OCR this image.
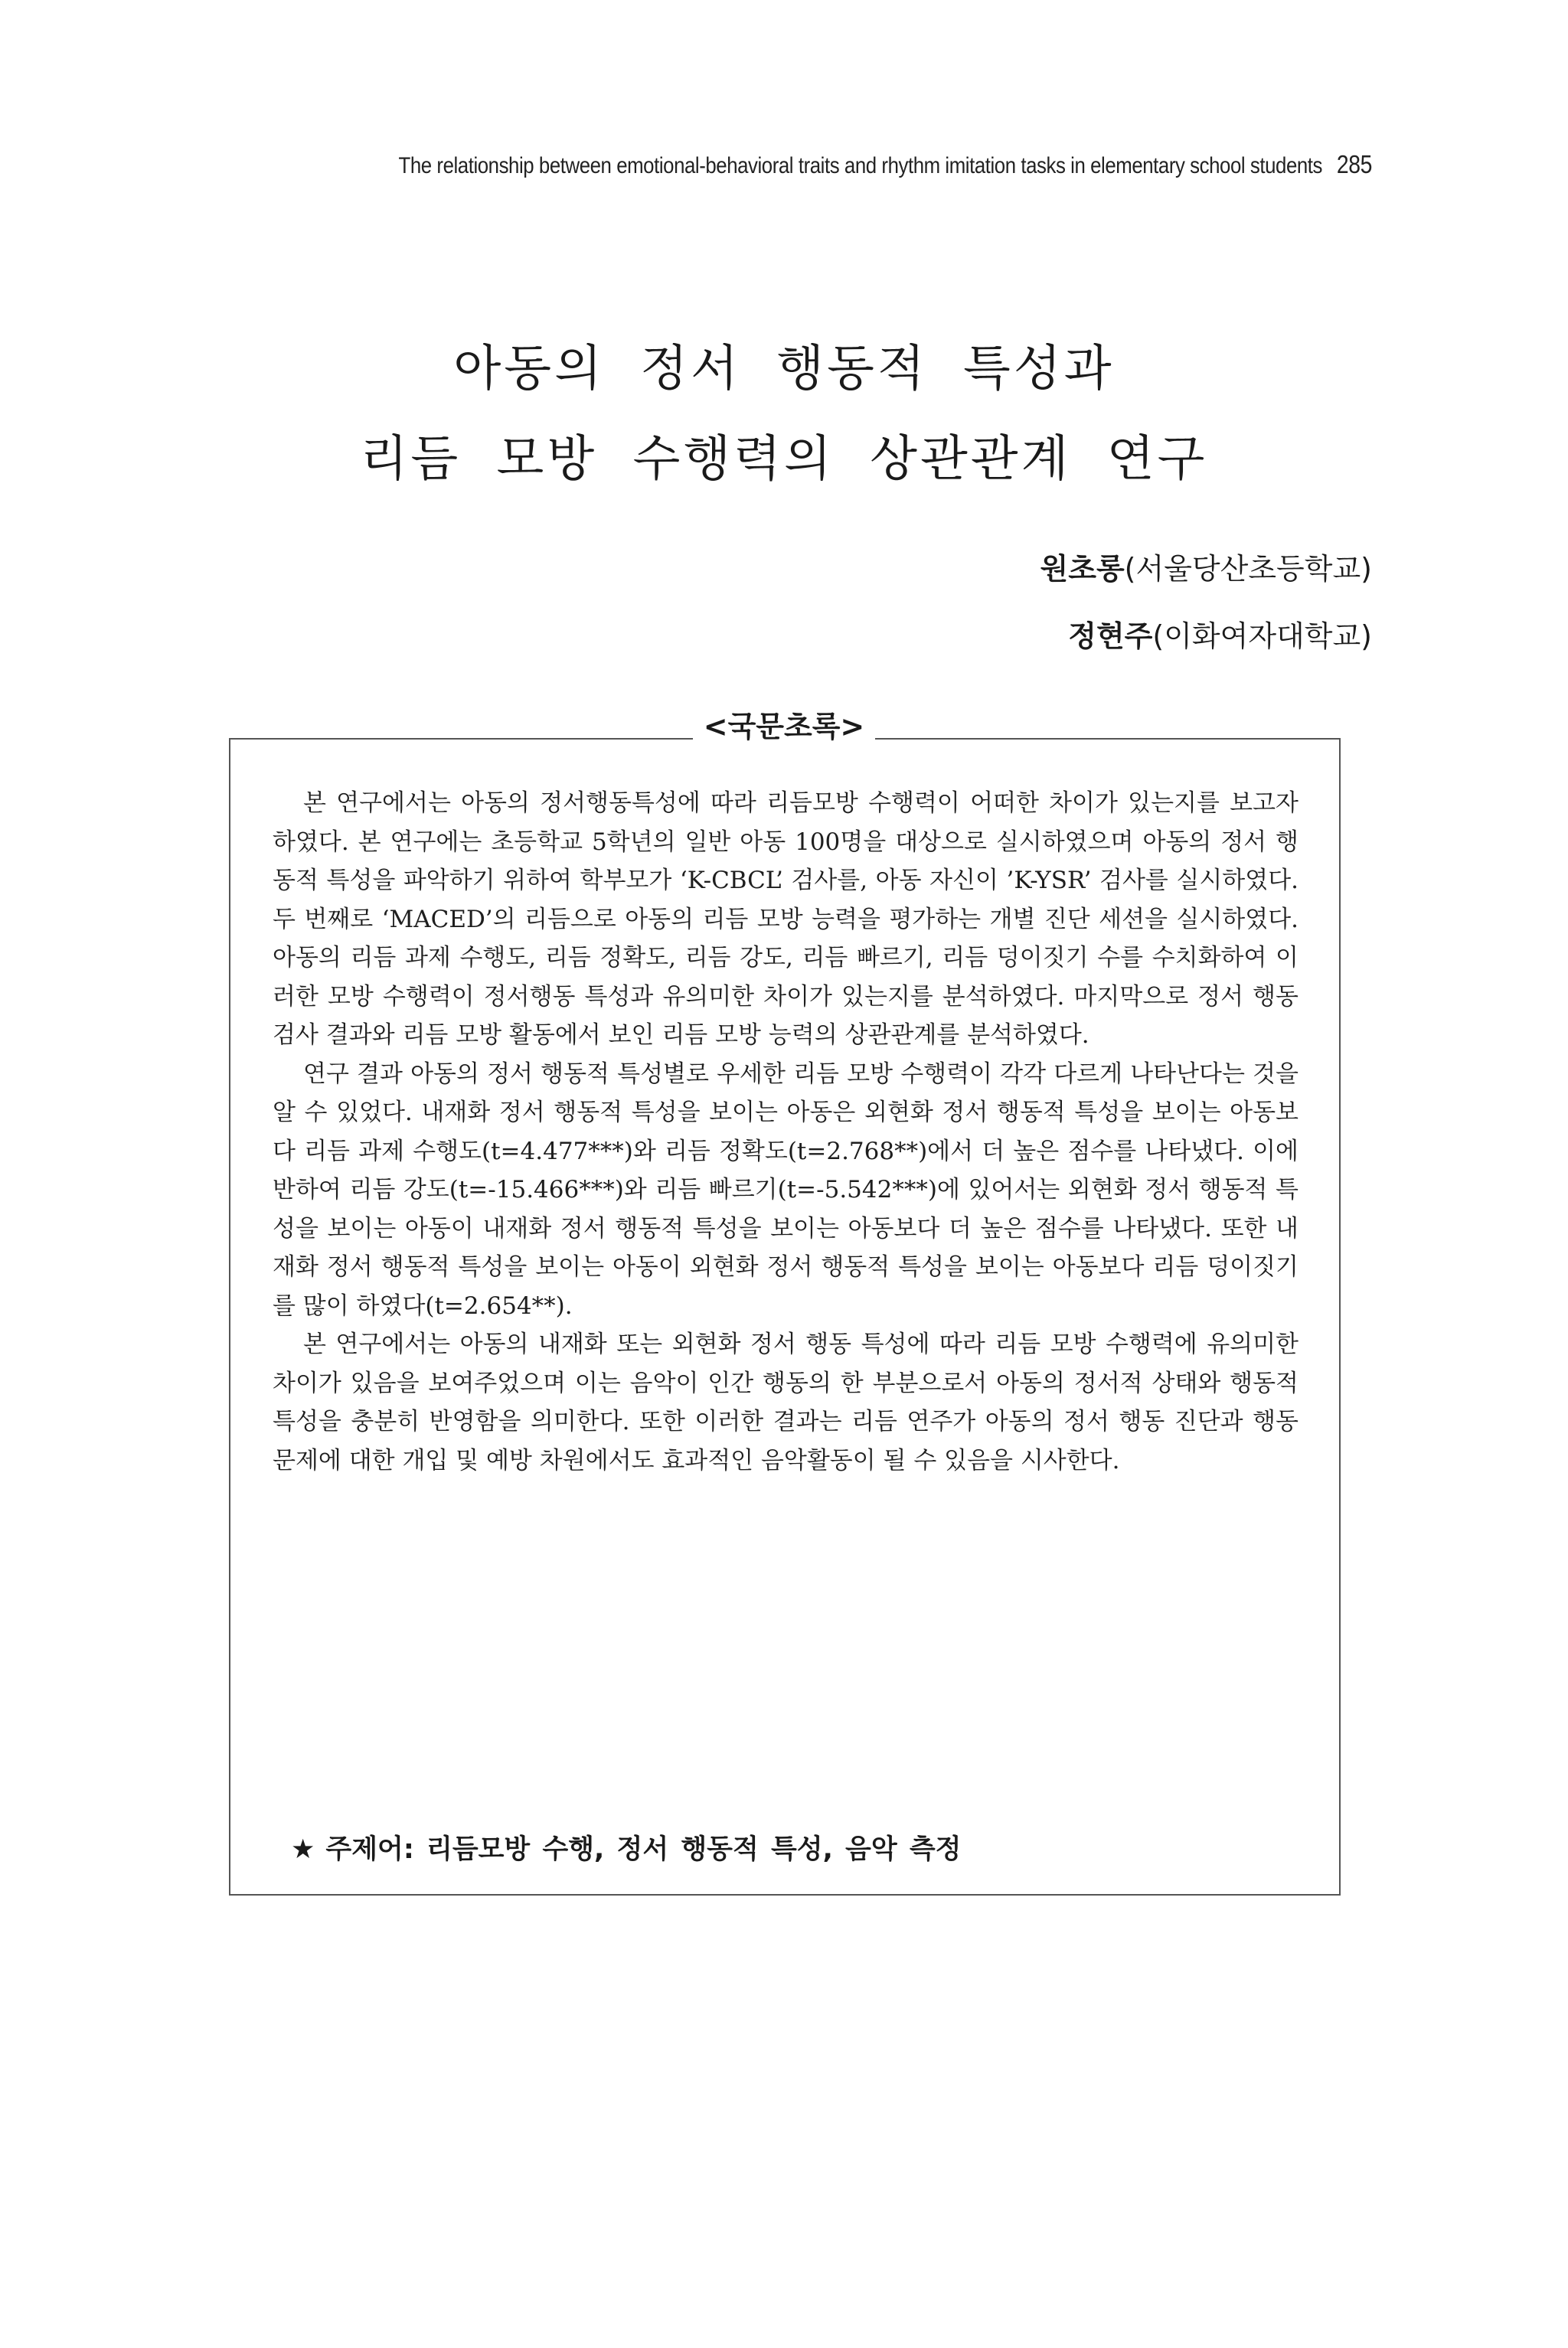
The relationship between emotional-behavioral traits and rhythm imitation tasks in elementary school students 285
아동의 정서 행동적 특성과
리듬 모방 수행력의 상관관계 연구
원초롱(서울당산초등학교)
정현주(이화여자대학교)
<국문초록>

본 연구에서는 아동의 정서행동특성에 따라 리듬모방 수행력이 어떠한 차이가 있는지를 보고자 하였다. 본 연구에는 초등학교 5학년의 일반 아동 100명을 대상으로 실시하였으며 아동의 정서 행동적 특성을 파악하기 위하여 학부모가 ‘K-CBCL’ 검사를, 아동 자신이 ’K-YSR’ 검사를 실시하였다. 두 번째로 ‘MACED’의 리듬으로 아동의 리듬 모방 능력을 평가하는 개별 진단 세션을 실시하였다. 아동의 리듬 과제 수행도, 리듬 정확도, 리듬 강도, 리듬 빠르기, 리듬 덩이짓기 수를 수치화하여 이러한 모방 수행력이 정서행동 특성과 유의미한 차이가 있는지를 분석하였다. 마지막으로 정서 행동 검사 결과와 리듬 모방 활동에서 보인 리듬 모방 능력의 상관관계를 분석하였다.

연구 결과 아동의 정서 행동적 특성별로 우세한 리듬 모방 수행력이 각각 다르게 나타난다는 것을 알 수 있었다. 내재화 정서 행동적 특성을 보이는 아동은 외현화 정서 행동적 특성을 보이는 아동보다 리듬 과제 수행도(t=4.477***)와 리듬 정확도(t=2.768**)에서 더 높은 점수를 나타냈다. 이에 반하여 리듬 강도(t=-15.466***)와 리듬 빠르기(t=-5.542***)에 있어서는 외현화 정서 행동적 특성을 보이는 아동이 내재화 정서 행동적 특성을 보이는 아동보다 더 높은 점수를 나타냈다. 또한 내재화 정서 행동적 특성을 보이는 아동이 외현화 정서 행동적 특성을 보이는 아동보다 리듬 덩이짓기를 많이 하였다(t=2.654**).

본 연구에서는 아동의 내재화 또는 외현화 정서 행동 특성에 따라 리듬 모방 수행력에 유의미한 차이가 있음을 보여주었으며 이는 음악이 인간 행동의 한 부분으로서 아동의 정서적 상태와 행동적 특성을 충분히 반영함을 의미한다. 또한 이러한 결과는 리듬 연주가 아동의 정서 행동 진단과 행동 문제에 대한 개입 및 예방 차원에서도 효과적인 음악활동이 될 수 있음을 시사한다.

★ 주제어: 리듬모방 수행, 정서 행동적 특성, 음악 측정
